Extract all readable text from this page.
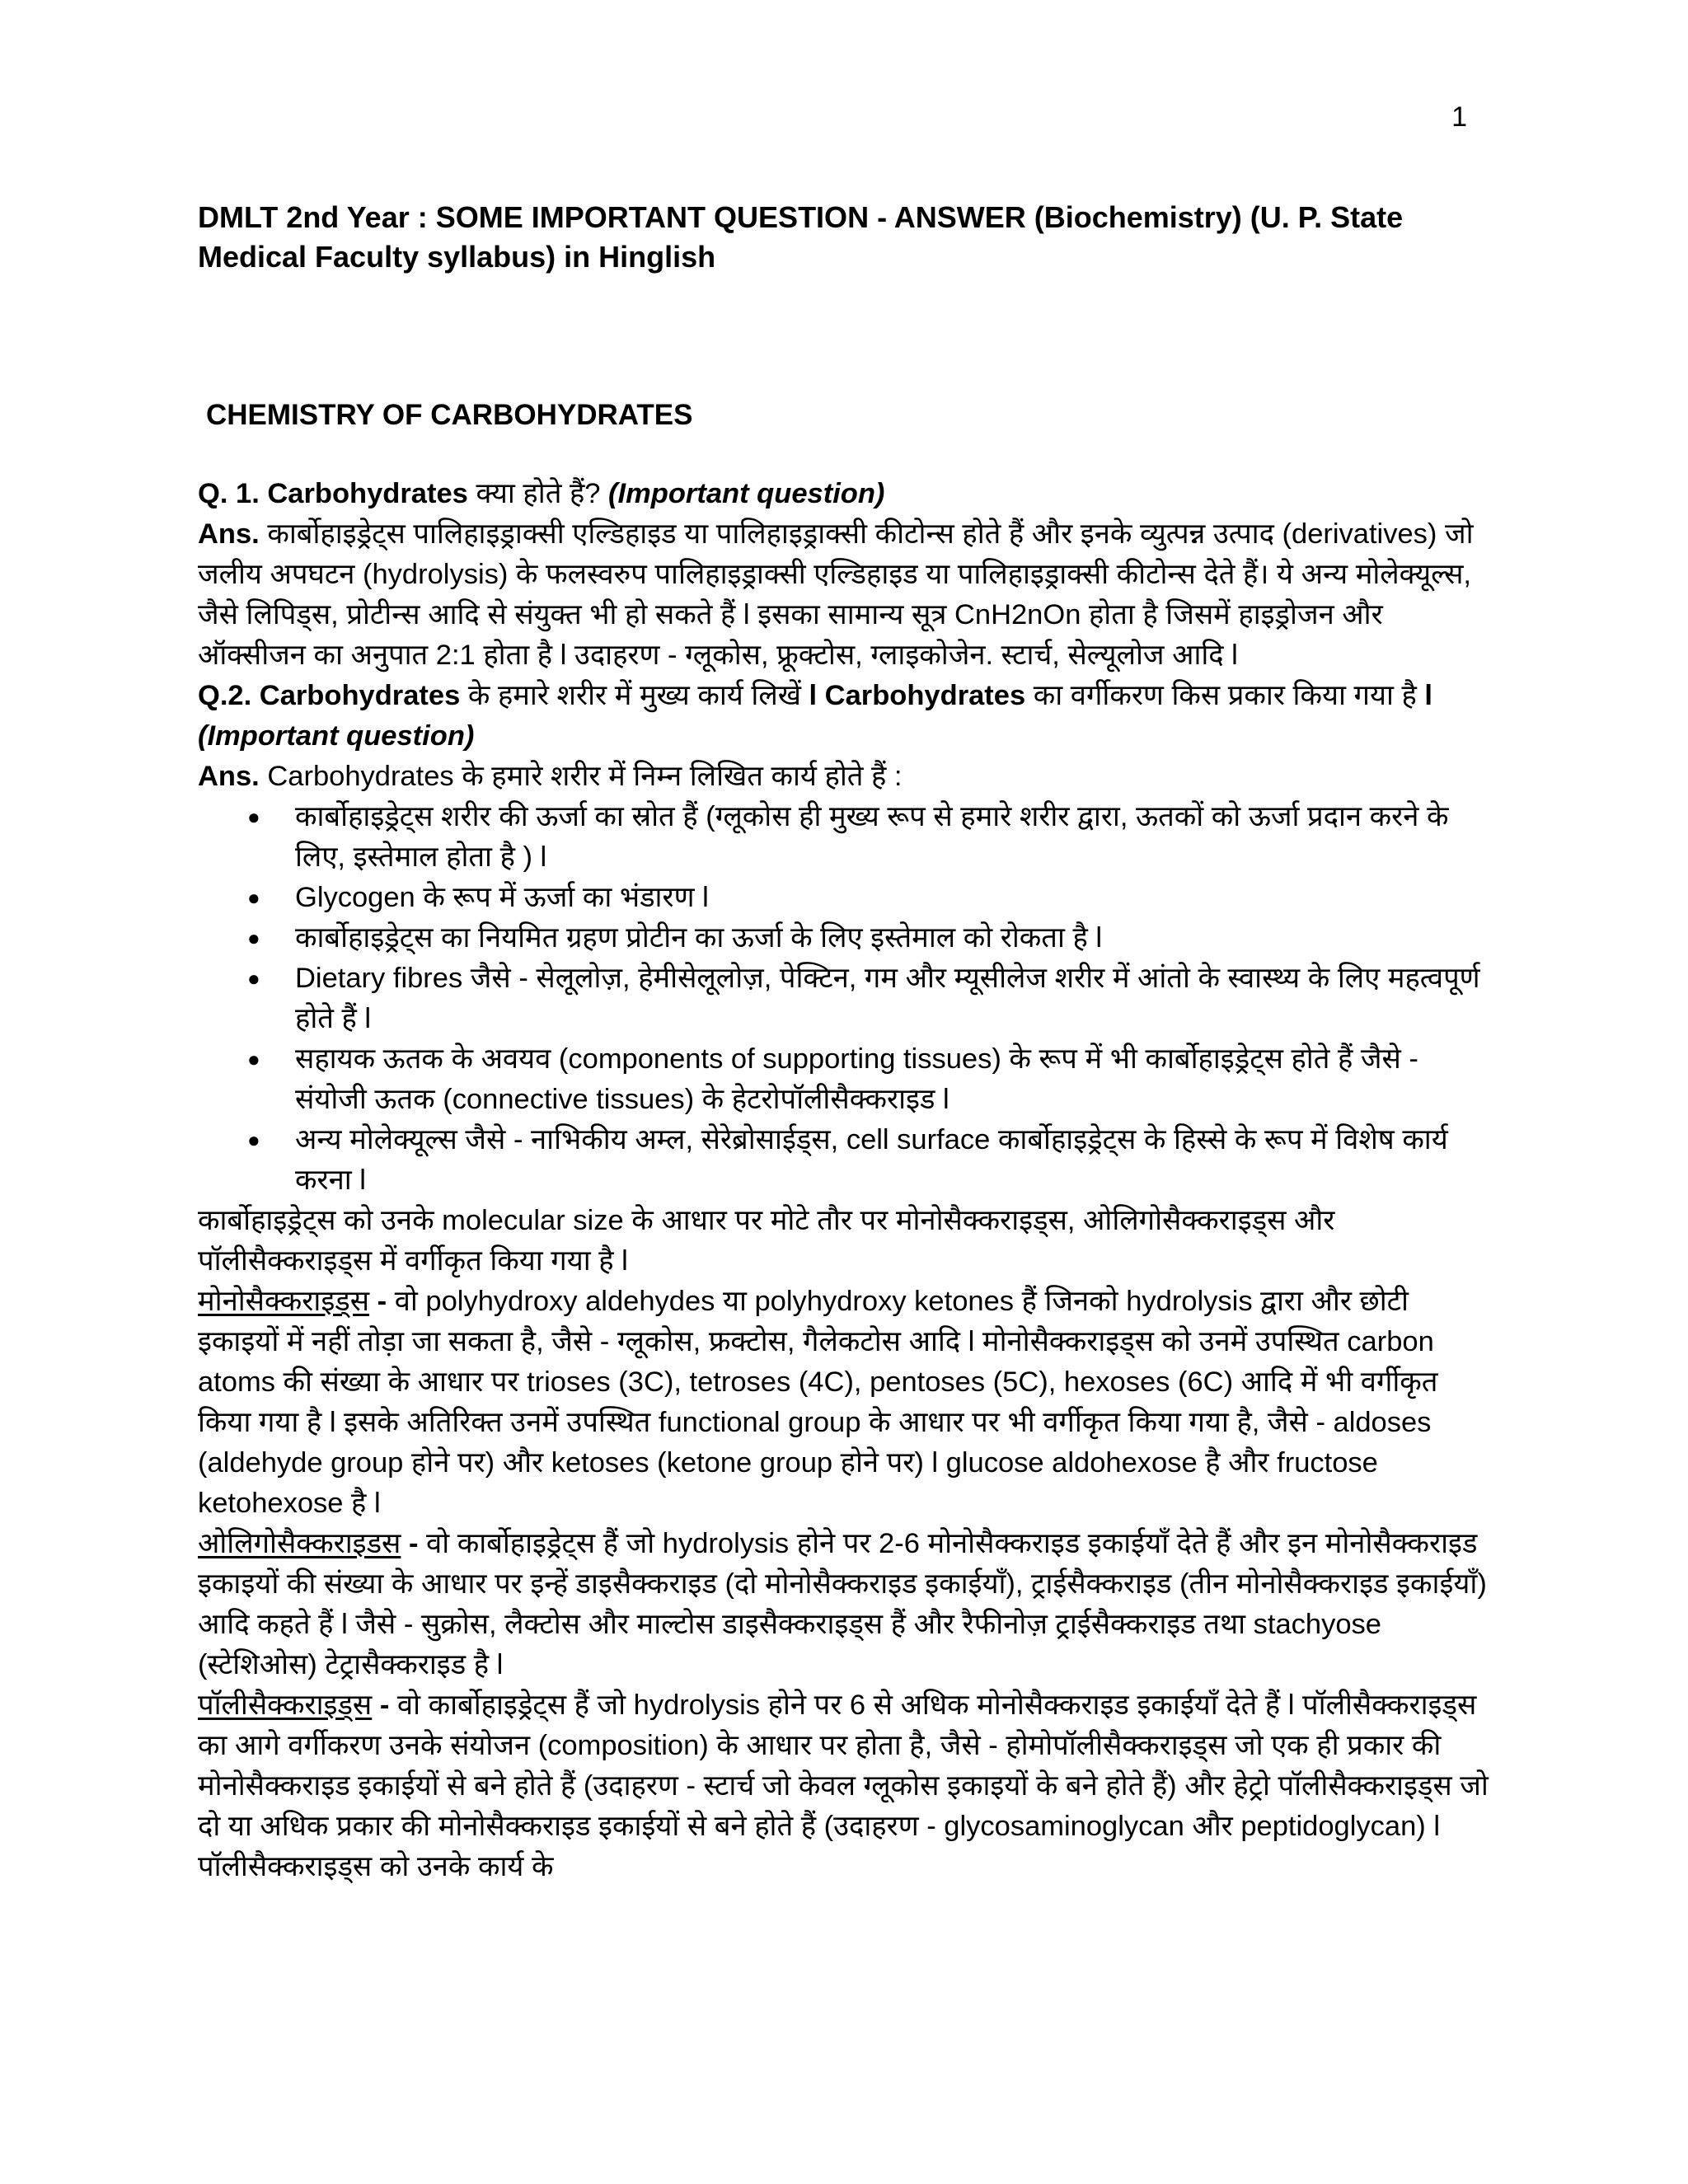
1
DMLT 2nd Year : SOME IMPORTANT QUESTION - ANSWER (Biochemistry) (U. P. State Medical Faculty syllabus) in Hinglish
CHEMISTRY OF CARBOHYDRATES

Q. 1. Carbohydrates क्या होते हैं? (Important question)

Ans. कार्बोहाइड्रेट्स पालिहाइड्राक्सी एल्डिहाइड या पालिहाइड्राक्सी कीटोन्स होते हैं और इनके व्युत्पन्न उत्पाद (derivatives) जो जलीय अपघटन (hydrolysis) के फलस्वरुप पालिहाइड्राक्सी एल्डिहाइड या पालिहाइड्राक्सी कीटोन्स देते हैं। ये अन्य मोलेक्यूल्स, जैसे लिपिड्स, प्रोटीन्स आदि से संयुक्त भी हो सकते हैं l इसका सामान्य सूत्र CnH2nOn होता है जिसमें हाइड्रोजन और ऑक्सीजन का अनुपात 2:1 होता है l उदाहरण - ग्लूकोस, फ्रूक्टोस, ग्लाइकोजेन. स्टार्च, सेल्यूलोज आदि l

Q.2. Carbohydrates के हमारे शरीर में मुख्य कार्य लिखें l Carbohydrates का वर्गीकरण किस प्रकार किया गया है l (Important question)

Ans. Carbohydrates के हमारे शरीर में निम्न लिखित कार्य होते हैं :

● कार्बोहाइड्रेट्स शरीर की ऊर्जा का स्रोत हैं (ग्लूकोस ही मुख्य रूप से हमारे शरीर द्वारा, ऊतकों को ऊर्जा प्रदान करने के लिए, इस्तेमाल होता है ) l
● Glycogen के रूप में ऊर्जा का भंडारण l
● कार्बोहाइड्रेट्स का नियमित ग्रहण प्रोटीन का ऊर्जा के लिए इस्तेमाल को रोकता है l
● Dietary fibres जैसे - सेलूलोज़, हेमीसेलूलोज़, पेक्टिन, गम और म्यूसीलेज शरीर में आंतो के स्वास्थ्य के लिए महत्वपूर्ण होते हैं l
● सहायक ऊतक के अवयव (components of supporting tissues) के रूप में भी कार्बोहाइड्रेट्स होते हैं जैसे - संयोजी ऊतक (connective tissues) के हेटरोपॉलीसैक्कराइड l
● अन्य मोलेक्यूल्स जैसे - नाभिकीय अम्ल, सेरेब्रोसाईड्स, cell surface कार्बोहाइड्रेट्स के हिस्से के रूप में विशेष कार्य करना l

कार्बोहाइड्रेट्स को उनके molecular size के आधार पर मोटे तौर पर मोनोसैक्कराइड्स, ओलिगोसैक्कराइड्स और पॉलीसैक्कराइड्स में वर्गीकृत किया गया है l

मोनोसैक्कराइड्स - वो polyhydroxy aldehydes या polyhydroxy ketones हैं जिनको hydrolysis द्वारा और छोटी इकाइयों में नहीं तोड़ा जा सकता है, जैसे - ग्लूकोस, फ्रक्टोस, गैलेकटोस आदि l मोनोसैक्कराइड्स को उनमें उपस्थित carbon atoms की संख्या के आधार पर trioses (3C), tetroses (4C), pentoses (5C), hexoses (6C) आदि में भी वर्गीकृत किया गया है l इसके अतिरिक्त उनमें उपस्थित functional group के आधार पर भी वर्गीकृत किया गया है, जैसे - aldoses (aldehyde group होने पर) और ketoses (ketone group होने पर) l glucose aldohexose है और fructose ketohexose है l

ओलिगोसैक्कराइडस - वो कार्बोहाइड्रेट्स हैं जो hydrolysis होने पर 2-6 मोनोसैक्कराइड इकाईयाँ देते हैं और इन मोनोसैक्कराइड इकाइयों की संख्या के आधार पर इन्हें डाइसैक्कराइड (दो मोनोसैक्कराइड इकाईयाँ), ट्राईसैक्कराइड (तीन मोनोसैक्कराइड इकाईयाँ) आदि कहते हैं l जैसे - सुक्रोस, लैक्टोस और माल्टोस डाइसैक्कराइड्स हैं और रैफीनोज़ ट्राईसैक्कराइड तथा stachyose (स्टेशिओस) टेट्रासैक्कराइड है l

पॉलीसैक्कराइड्स - वो कार्बोहाइड्रेट्स हैं जो hydrolysis होने पर 6 से अधिक मोनोसैक्कराइड इकाईयाँ देते हैं l पॉलीसैक्कराइड्स का आगे वर्गीकरण उनके संयोजन (composition) के आधार पर होता है, जैसे - होमोपॉलीसैक्कराइड्स जो एक ही प्रकार की मोनोसैक्कराइड इकाईयों से बने होते हैं (उदाहरण - स्टार्च जो केवल ग्लूकोस इकाइयों के बने होते हैं) और हेट्रो पॉलीसैक्कराइड्स जो दो या अधिक प्रकार की मोनोसैक्कराइड इकाईयों से बने होते हैं (उदाहरण - glycosaminoglycan और peptidoglycan) l पॉलीसैक्कराइड्स को उनके कार्य के
